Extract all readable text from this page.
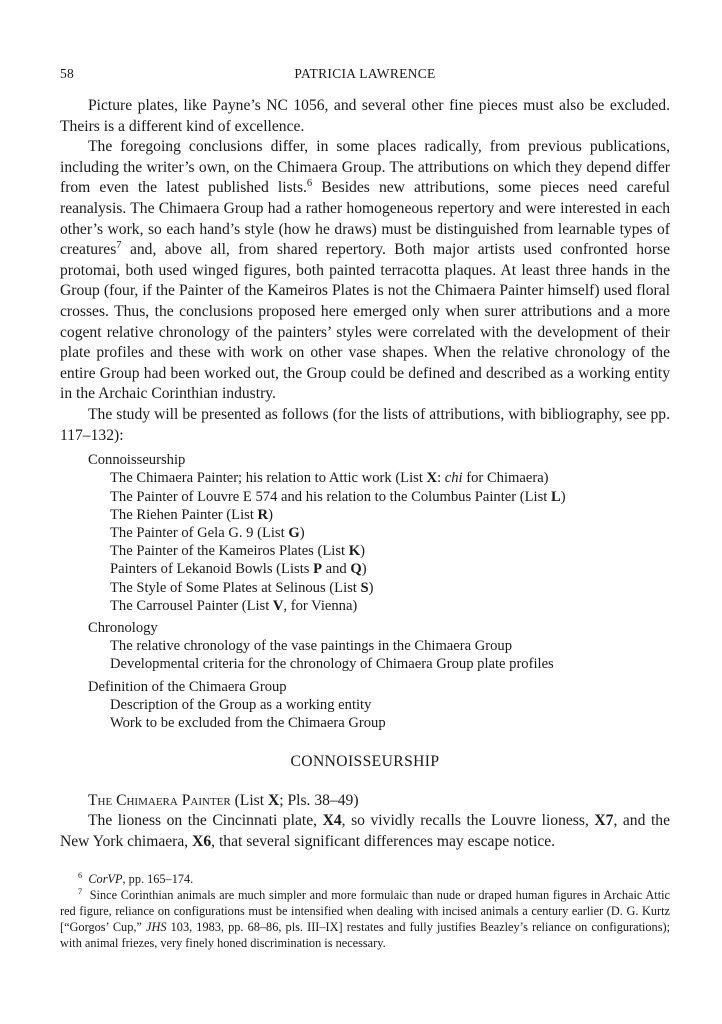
58	PATRICIA LAWRENCE

Picture plates, like Payne’s NC 1056, and several other fine pieces must also be excluded. Theirs is a different kind of excellence.

The foregoing conclusions differ, in some places radically, from previous publications, including the writer’s own, on the Chimaera Group. The attributions on which they depend differ from even the latest published lists.$^6$ Besides new attributions, some pieces need careful reanalysis. The Chimaera Group had a rather homogeneous repertory and were interested in each other’s work, so each hand’s style (how he draws) must be distinguished from learnable types of creatures$^7$ and, above all, from shared repertory. Both major artists used confronted horse protomai, both used winged figures, both painted terracotta plaques. At least three hands in the Group (four, if the Painter of the Kameiros Plates is not the Chimaera Painter himself) used floral crosses. Thus, the conclusions proposed here emerged only when surer attributions and a more cogent relative chronology of the painters’ styles were correlated with the development of their plate profiles and these with work on other vase shapes. When the relative chronology of the entire Group had been worked out, the Group could be defined and described as a working entity in the Archaic Corinthian industry.

The study will be presented as follows (for the lists of attributions, with bibliography, see pp. 117–132):

Connoisseurship

The Chimaera Painter; his relation to Attic work (List X: chi for Chimaera)

The Painter of Louvre E 574 and his relation to the Columbus Painter (List L)

The Riehen Painter (List R)

The Painter of Gela G. 9 (List G)

The Painter of the Kameiros Plates (List K)

Painters of Lekanoid Bowls (Lists P and Q)

The Style of Some Plates at Selinous (List S)

The Carrousel Painter (List V, for Vienna)

Chronology

The relative chronology of the vase paintings in the Chimaera Group

Developmental criteria for the chronology of Chimaera Group plate profiles

Definition of the Chimaera Group

Description of the Group as a working entity

Work to be excluded from the Chimaera Group

CONNOISSEURSHIP

The Chimaera Painter (List X; Pls. 38–49)

The lioness on the Cincinnati plate, X4, so vividly recalls the Louvre lioness, X7, and the New York chimaera, X6, that several significant differences may escape notice.

$^6$ CorVP, pp. 165–174.

$^7$ Since Corinthian animals are much simpler and more formulaic than nude or draped human figures in Archaic Attic red figure, reliance on configurations must be intensified when dealing with incised animals a century earlier (D. G. Kurtz [“Gorgos’ Cup,” JHS 103, 1983, pp. 68–86, pls. III–IX] restates and fully justifies Beazley’s reliance on configurations); with animal friezes, very finely honed discrimination is necessary.
